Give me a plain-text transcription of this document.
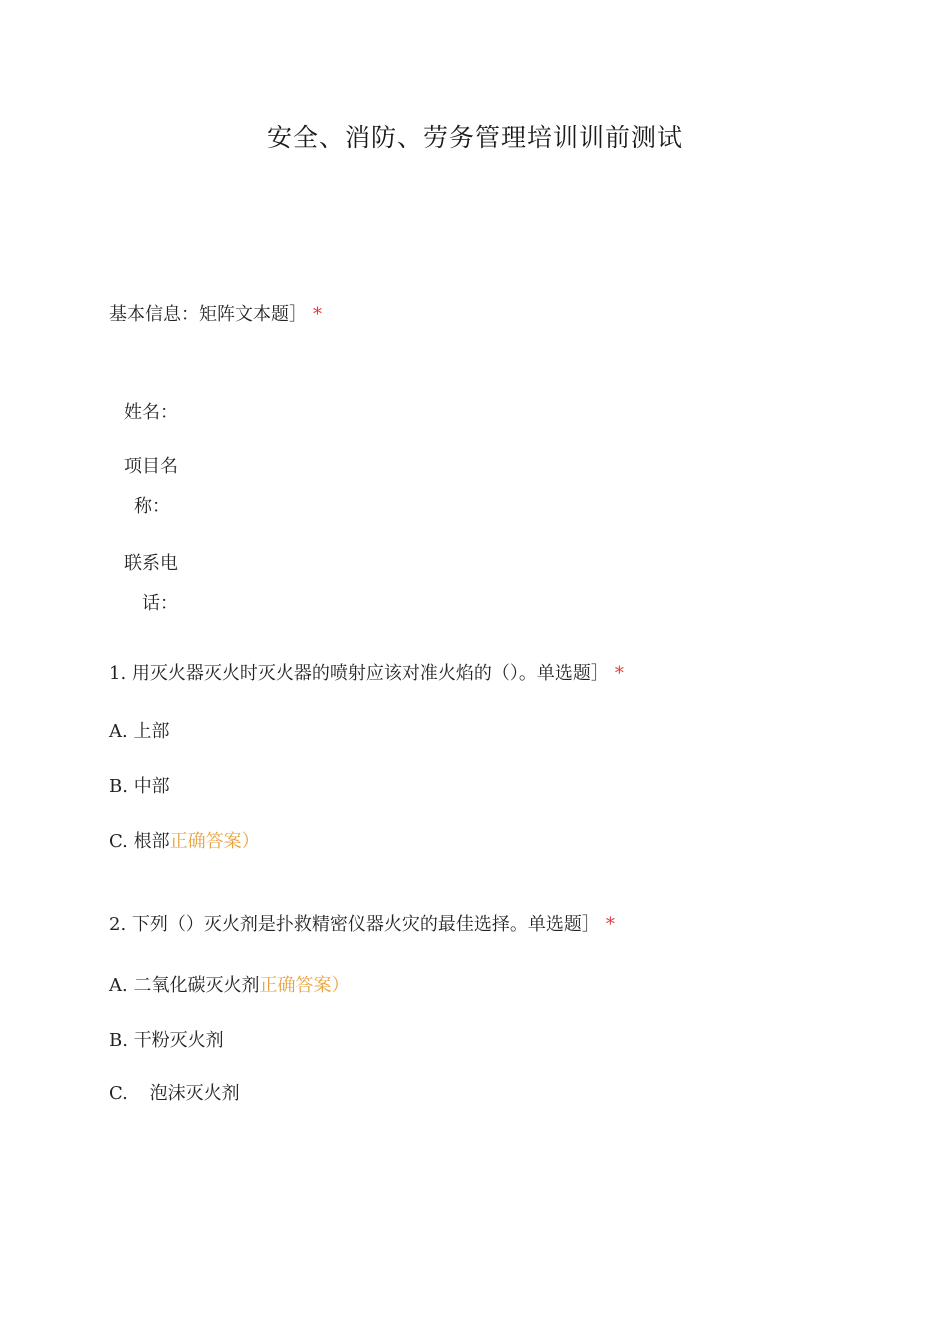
安全、消防、劳务管理培训训前测试
基本信息：矩阵文本题］ *
姓名：
项目名
称：
联系电
话：
1. 用灭火器灭火时灭火器的喷射应该对准火焰的（）。单选题］ *
A. 上部
B. 中部
C. 根部正确答案）
2. 下列（）灭火剂是扑救精密仪器火灾的最佳选择。单选题］ *
A. 二氧化碳灭火剂正确答案）
B. 干粉灭火剂
C. 泡沫灭火剂
